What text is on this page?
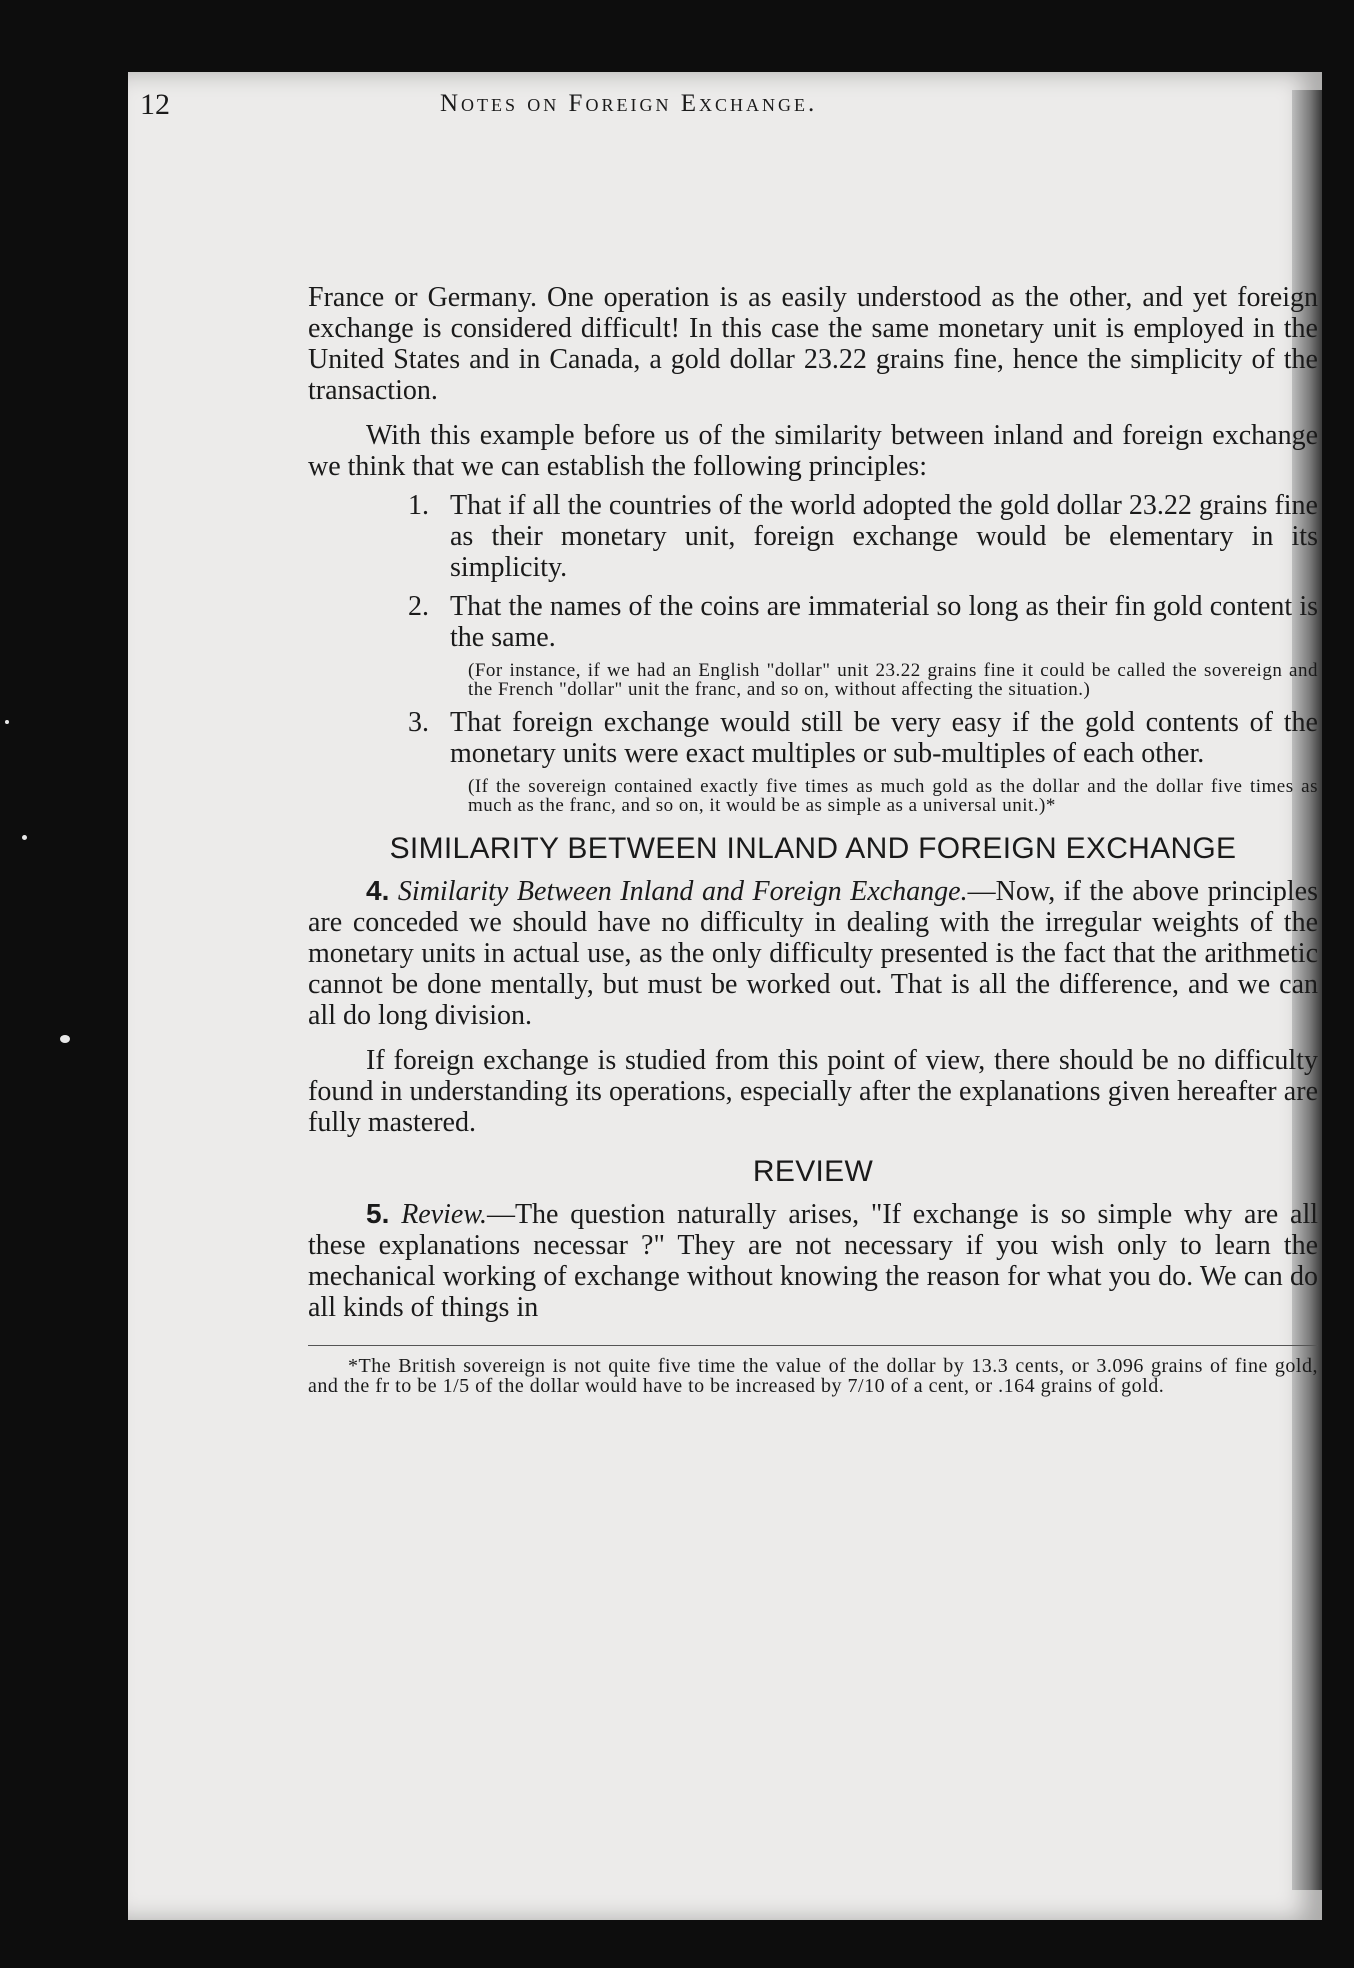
12	Notes on Foreign Exchange.

France or Germany. One operation is as easily understood as the other, and yet foreign exchange is considered difficult! In this case the same monetary unit is employed in the United States and in Canada, a gold dollar 23.22 grains fine, hence the simplicity of the transaction.

With this example before us of the similarity between inland and foreign exchange we think that we can establish the following principles:

1. That if all the countries of the world adopted the gold dollar 23.22 grains fine as their monetary unit, foreign exchange would be elementary in its simplicity.
2. That the names of the coins are immaterial so long as their fin gold content is the same.
(For instance, if we had an English "dollar" unit 23.22 grains fine it could be called the sovereign and the French "dollar" unit the franc, and so on, without affecting the situation.)
3. That foreign exchange would still be very easy if the gold contents of the monetary units were exact multiples or sub-multiples of each other.
(If the sovereign contained exactly five times as much gold as the dollar and the dollar five times as much as the franc, and so on, it would be as simple as a universal unit.)*
SIMILARITY BETWEEN INLAND AND FOREIGN EXCHANGE

4. Similarity Between Inland and Foreign Exchange.—Now, if the above principles are conceded we should have no difficulty in dealing with the irregular weights of the monetary units in actual use, as the only difficulty presented is the fact that the arithmetic cannot be done mentally, but must be worked out. That is all the difference, and we can all do long division.

If foreign exchange is studied from this point of view, there should be no difficulty found in understanding its operations, especially after the explanations given hereafter are fully mastered.

REVIEW

5. Review.—The question naturally arises, "If exchange is so simple why are all these explanations necessar ?" They are not necessary if you wish only to learn the mechanical working of exchange without knowing the reason for what you do. We can do all kinds of things in

*The British sovereign is not quite five time the value of the dollar by 13.3 cents, or 3.096 grains of fine gold, and the fr to be 1/5 of the dollar would have to be increased by 7/10 of a cent, or .164 grains of gold.
